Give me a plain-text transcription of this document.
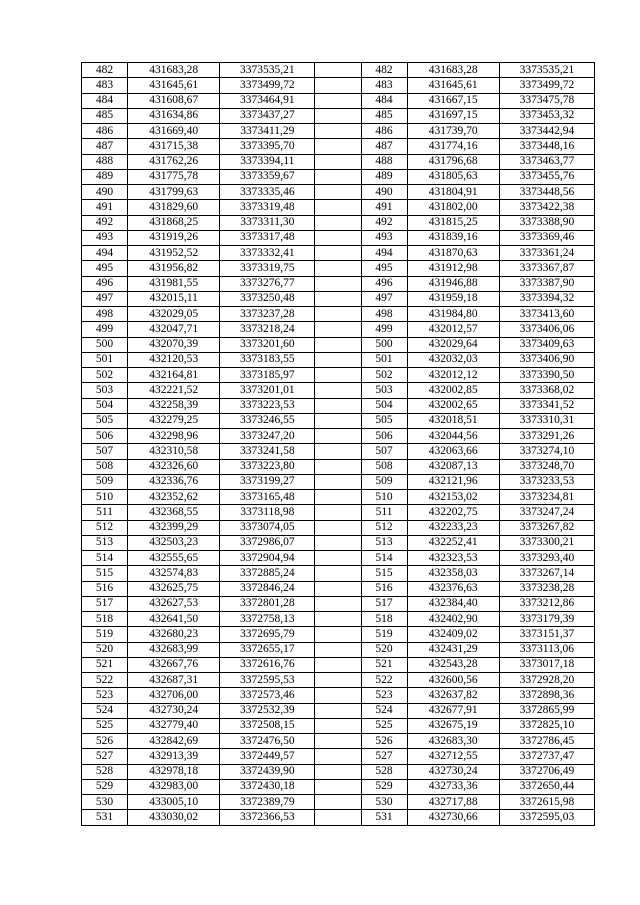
482	431683,28	3373535,21		482	431683,28	3373535,21
483	431645,61	3373499,72		483	431645,61	3373499,72
484	431608,67	3373464,91		484	431667,15	3373475,78
485	431634,86	3373437,27		485	431697,15	3373453,32
486	431669,40	3373411,29		486	431739,70	3373442,94
487	431715,38	3373395,70		487	431774,16	3373448,16
488	431762,26	3373394,11		488	431796,68	3373463,77
489	431775,78	3373359,67		489	431805,63	3373455,76
490	431799,63	3373335,46		490	431804,91	3373448,56
491	431829,60	3373319,48		491	431802,00	3373422,38
492	431868,25	3373311,30		492	431815,25	3373388,90
493	431919,26	3373317,48		493	431839,16	3373369,46
494	431952,52	3373332,41		494	431870,63	3373361,24
495	431956,82	3373319,75		495	431912,98	3373367,87
496	431981,55	3373276,77		496	431946,88	3373387,90
497	432015,11	3373250,48		497	431959,18	3373394,32
498	432029,05	3373237,28		498	431984,80	3373413,60
499	432047,71	3373218,24		499	432012,57	3373406,06
500	432070,39	3373201,60		500	432029,64	3373409,63
501	432120,53	3373183,55		501	432032,03	3373406,90
502	432164,81	3373185,97		502	432012,12	3373390,50
503	432221,52	3373201,01		503	432002,85	3373368,02
504	432258,39	3373223,53		504	432002,65	3373341,52
505	432279,25	3373246,55		505	432018,51	3373310,31
506	432298,96	3373247,20		506	432044,56	3373291,26
507	432310,58	3373241,58		507	432063,66	3373274,10
508	432326,60	3373223,80		508	432087,13	3373248,70
509	432336,76	3373199,27		509	432121,96	3373233,53
510	432352,62	3373165,48		510	432153,02	3373234,81
511	432368,55	3373118,98		511	432202,75	3373247,24
512	432399,29	3373074,05		512	432233,23	3373267,82
513	432503,23	3372986,07		513	432252,41	3373300,21
514	432555,65	3372904,94		514	432323,53	3373293,40
515	432574,83	3372885,24		515	432358,03	3373267,14
516	432625,75	3372846,24		516	432376,63	3373238,28
517	432627,53	3372801,28		517	432384,40	3373212,86
518	432641,50	3372758,13		518	432402,90	3373179,39
519	432680,23	3372695,79		519	432409,02	3373151,37
520	432683,99	3372655,17		520	432431,29	3373113,06
521	432667,76	3372616,76		521	432543,28	3373017,18
522	432687,31	3372595,53		522	432600,56	3372928,20
523	432706,00	3372573,46		523	432637,82	3372898,36
524	432730,24	3372532,39		524	432677,91	3372865,99
525	432779,40	3372508,15		525	432675,19	3372825,10
526	432842,69	3372476,50		526	432683,30	3372786,45
527	432913,39	3372449,57		527	432712,55	3372737,47
528	432978,18	3372439,90		528	432730,24	3372706,49
529	432983,00	3372430,18		529	432733,36	3372650,44
530	433005,10	3372389,79		530	432717,88	3372615,98
531	433030,02	3372366,53		531	432730,66	3372595,03
